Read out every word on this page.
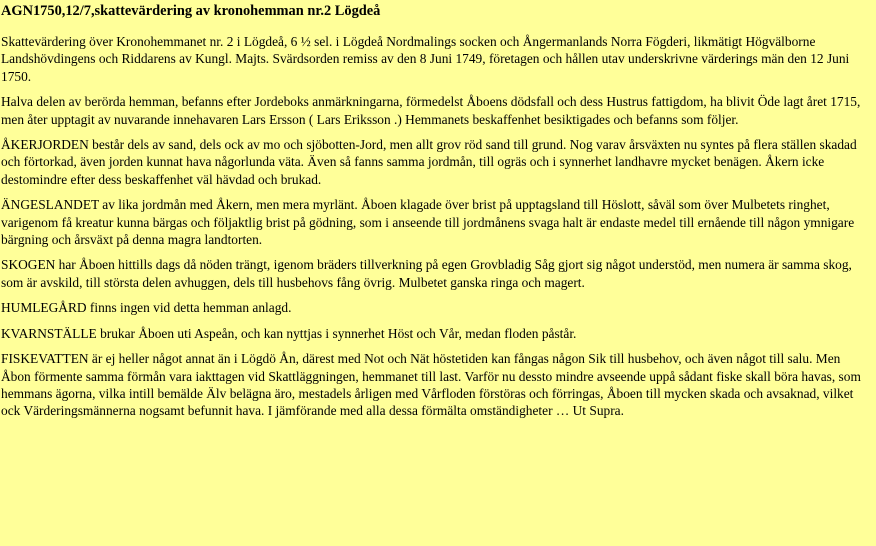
AGN1750,12/7,skattevärdering av kronohemman nr.2 Lögdeå

Skattevärdering över Kronohemmanet nr. 2 i Lögdeå, 6 ½ sel. i Lögdeå Nordmalings socken och Ångermanlands Norra Fögderi, likmätigt Högvälborne Landshövdingens och Riddarens av Kungl. Majts. Svärdsorden remiss av den 8 Juni 1749, företagen och hållen utav underskrivne värderings män den 12 Juni 1750.

Halva delen av berörda hemman, befanns efter Jordeboks anmärkningarna, förmedelst Åboens dödsfall och dess Hustrus fattigdom, ha blivit Öde lagt året 1715, men åter upptagit av nuvarande innehavaren Lars Ersson ( Lars Eriksson .) Hemmanets beskaffenhet besiktigades och befanns som följer.

ÅKERJORDEN består dels av sand, dels ock av mo och sjöbotten-Jord, men allt grov röd sand till grund. Nog varav årsväxten nu syntes på flera ställen skadad och förtorkad, även jorden kunnat hava någorlunda väta. Även så fanns samma jordmån, till ogräs och i synnerhet landhavre mycket benägen. Åkern icke destomindre efter dess beskaffenhet väl hävdad och brukad.

ÄNGESLANDET av lika jordmån med Åkern, men mera myrlänt. Åboen klagade över brist på upptagsland till Höslott, såväl som över Mulbetets ringhet, varigenom få kreatur kunna bärgas och följaktlig brist på gödning, som i anseende till jordmånens svaga halt är endaste medel till ernående till någon ymnigare bärgning och årsväxt på denna magra landtorten.

SKOGEN har Åboen hittills dags då nöden trängt, igenom bräders tillverkning på egen Grovbladig Såg gjort sig något understöd, men numera är samma skog, som är avskild, till största delen avhuggen, dels till husbehovs fång övrig. Mulbetet ganska ringa och magert.

HUMLEGÅRD finns ingen vid detta hemman anlagd.

KVARNSTÄLLE brukar Åboen uti Aspeån, och kan nyttjas i synnerhet Höst och Vår, medan floden påstår.

FISKEVATTEN är ej heller något annat än i Lögdö Ån, därest med Not och Nät höstetiden kan fångas någon Sik till husbehov, och även något till salu. Men Åbon förmente samma förmån vara iakttagen vid Skattläggningen, hemmanet till last. Varför nu dessto mindre avseende uppå sådant fiske skall böra havas, som hemmans ägorna, vilka intill bemälde Älv belägna äro, mestadels årligen med Vårfloden förstöras och förringas, Åboen till mycken skada och avsaknad, vilket ock Värderingsmännerna nogsamt befunnit hava. I jämförande med alla dessa förmälta omständigheter … Ut Supra.
